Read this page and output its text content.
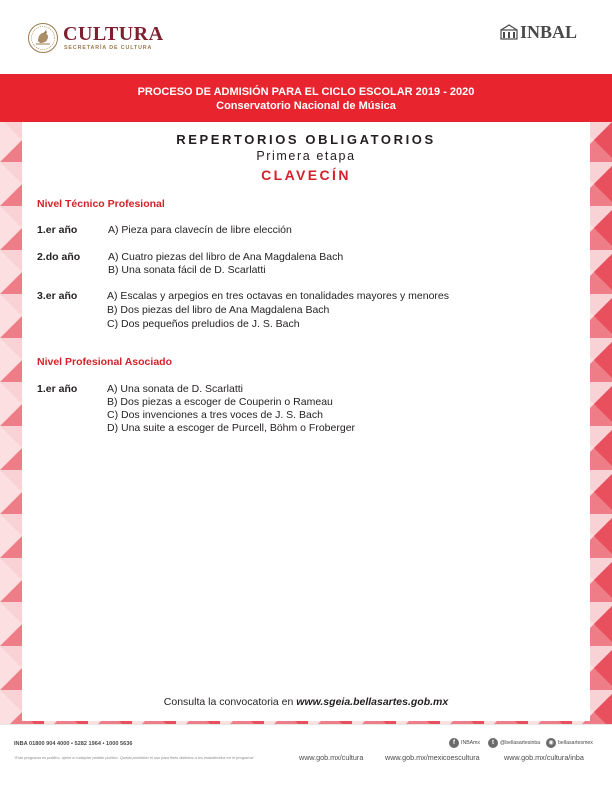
CULTURA
SECRETARÍA DE CULTURA
INBAL
PROCESO DE ADMISIÓN PARA EL CICLO ESCOLAR 2019 - 2020
Conservatorio Nacional de Música
REPERTORIOS OBLIGATORIOS
Primera etapa
CLAVECÍN
Nivel Técnico Profesional
1.er año	A) Pieza para clavecín de libre elección
2.do año	A) Cuatro piezas del libro de Ana Magdalena Bach
B) Una sonata fácil de D. Scarlatti
3.er año	A) Escalas y arpegios en tres octavas en tonalidades mayores y menores
B) Dos piezas del libro de Ana Magdalena Bach
C) Dos pequeños preludios de J. S. Bach
Nivel Profesional Asociado
1.er año	A) Una sonata de D. Scarlatti
B) Dos piezas a escoger de Couperin o Rameau
C) Dos invenciones a tres voces de J. S. Bach
D) Una suite a escoger de Purcell, Böhm o Froberger
Consulta la convocatoria en www.sgeia.bellasartes.gob.mx
INBA 01800 904 4000 • 5282 1964 • 1000 5636
"Este programa es público, ajeno a cualquier partido político. Queda prohibido el uso para fines distintos a los establecidos en el programa"
f INBAmx	t @bellasartesinba	◉ bellasartesmex
www.gob.mx/cultura	www.gob.mx/mexicoescultura	www.gob.mx/cultura/inba
